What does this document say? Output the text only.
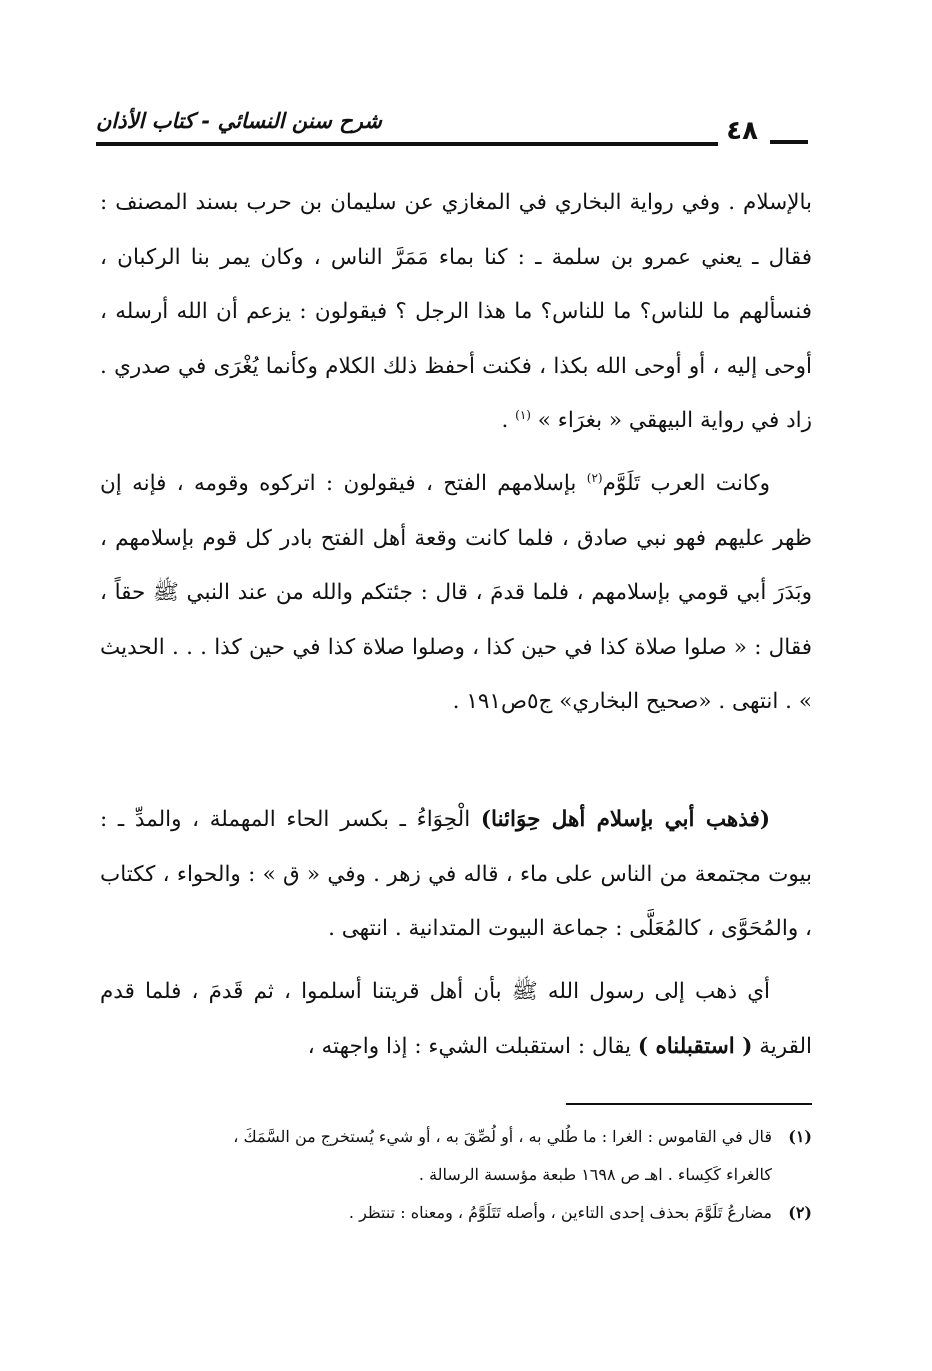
شرح سنن النسائي - كتاب الأذان	٤٨

بالإسلام . وفي رواية البخاري في المغازي عن سليمان بن حرب بسند المصنف : فقال ـ يعني عمرو بن سلمة ـ : كنا بماء مَمَرَّ الناس ، وكان يمر بنا الركبان ، فنسألهم ما للناس؟ ما للناس؟ ما هذا الرجل ؟ فيقولون : يزعم أن الله أرسله ، أوحى إليه ، أو أوحى الله بكذا ، فكنت أحفظ ذلك الكلام وكأنما يُغْرَى في صدري . زاد في رواية البيهقي « بغرَاء » $^{(١)}$ .

وكانت العرب تَلَوَّم$^{(٢)}$ بإسلامهم الفتح ، فيقولون : اتركوه وقومه ، فإنه إن ظهر عليهم فهو نبي صادق ، فلما كانت وقعة أهل الفتح بادر كل قوم بإسلامهم ، وبَدَرَ أبي قومي بإسلامهم ، فلما قدمَ ، قال : جئتكم والله من عند النبي ﷺ حقاً ، فقال : « صلوا صلاة كذا في حين كذا ، وصلوا صلاة كذا في حين كذا . . . الحديث » . انتهى . «صحيح البخاري» ج٥ص١٩١ .

(فذهب أبي بإسلام أهل حِوَائنا) الْحِوَاءُ ـ بكسر الحاء المهملة ، والمدِّ ـ : بيوت مجتمعة من الناس على ماء ، قاله في زهر . وفي « ق » : والحواء ، ككتاب ، والمُحَوَّى ، كالمُعَلَّى : جماعة البيوت المتدانية . انتهى .

أي ذهب إلى رسول الله ﷺ بأن أهل قريتنا أسلموا ، ثم قَدمَ ، فلما قدم القرية ( استقبلناه ) يقال : استقبلت الشيء : إذا واجهته ،

(١)قال في القاموس : الغرا : ما طُلي به ، أو لُصِّقَ به ، أو شيء يُستخرج من السَّمَكَ ،

كالغراء كَكِساء . اهـ ص ١٦٩٨ طبعة مؤسسة الرسالة .

(٢)مضارعُ تَلَوَّمَ بحذف إحدى التاءين ، وأصله تَتَلَوَّمُ ، ومعناه : تنتظر .
